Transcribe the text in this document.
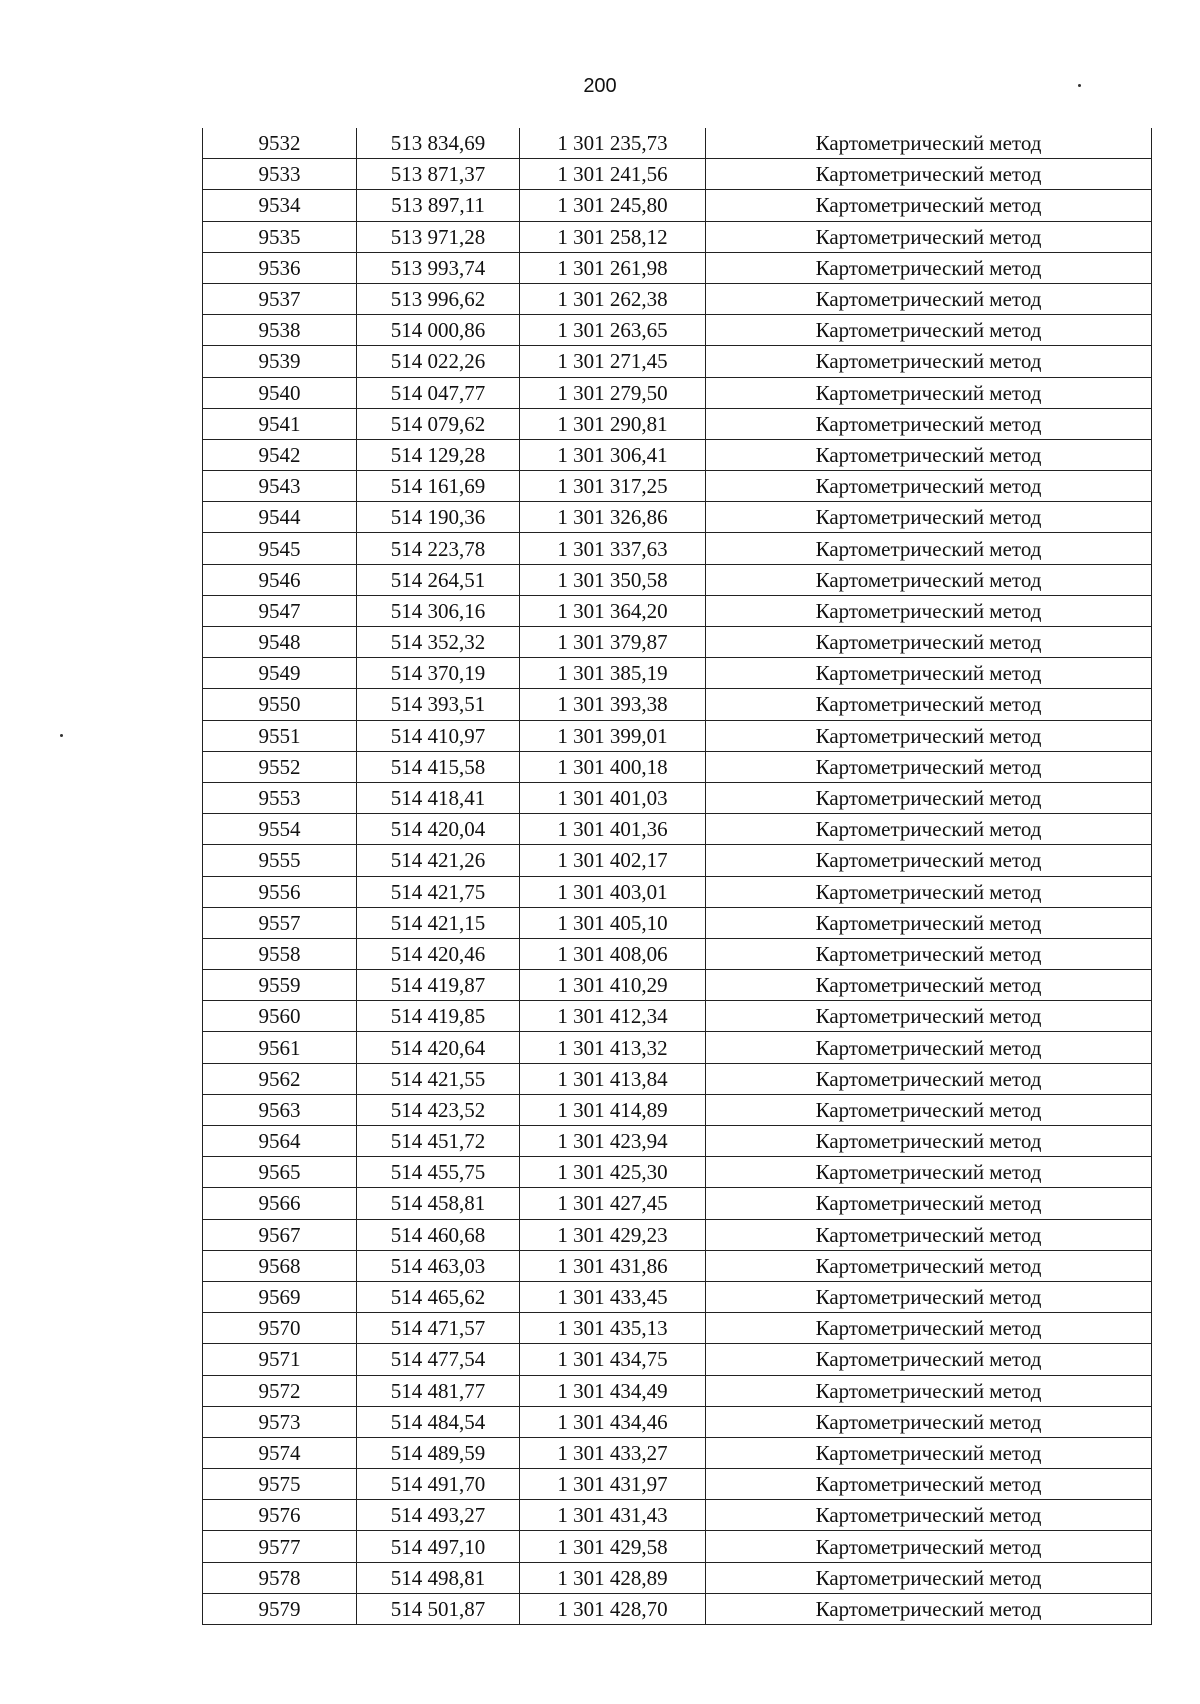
200
9532	513 834,69	1 301 235,73	Картометрический метод
9533	513 871,37	1 301 241,56	Картометрический метод
9534	513 897,11	1 301 245,80	Картометрический метод
9535	513 971,28	1 301 258,12	Картометрический метод
9536	513 993,74	1 301 261,98	Картометрический метод
9537	513 996,62	1 301 262,38	Картометрический метод
9538	514 000,86	1 301 263,65	Картометрический метод
9539	514 022,26	1 301 271,45	Картометрический метод
9540	514 047,77	1 301 279,50	Картометрический метод
9541	514 079,62	1 301 290,81	Картометрический метод
9542	514 129,28	1 301 306,41	Картометрический метод
9543	514 161,69	1 301 317,25	Картометрический метод
9544	514 190,36	1 301 326,86	Картометрический метод
9545	514 223,78	1 301 337,63	Картометрический метод
9546	514 264,51	1 301 350,58	Картометрический метод
9547	514 306,16	1 301 364,20	Картометрический метод
9548	514 352,32	1 301 379,87	Картометрический метод
9549	514 370,19	1 301 385,19	Картометрический метод
9550	514 393,51	1 301 393,38	Картометрический метод
9551	514 410,97	1 301 399,01	Картометрический метод
9552	514 415,58	1 301 400,18	Картометрический метод
9553	514 418,41	1 301 401,03	Картометрический метод
9554	514 420,04	1 301 401,36	Картометрический метод
9555	514 421,26	1 301 402,17	Картометрический метод
9556	514 421,75	1 301 403,01	Картометрический метод
9557	514 421,15	1 301 405,10	Картометрический метод
9558	514 420,46	1 301 408,06	Картометрический метод
9559	514 419,87	1 301 410,29	Картометрический метод
9560	514 419,85	1 301 412,34	Картометрический метод
9561	514 420,64	1 301 413,32	Картометрический метод
9562	514 421,55	1 301 413,84	Картометрический метод
9563	514 423,52	1 301 414,89	Картометрический метод
9564	514 451,72	1 301 423,94	Картометрический метод
9565	514 455,75	1 301 425,30	Картометрический метод
9566	514 458,81	1 301 427,45	Картометрический метод
9567	514 460,68	1 301 429,23	Картометрический метод
9568	514 463,03	1 301 431,86	Картометрический метод
9569	514 465,62	1 301 433,45	Картометрический метод
9570	514 471,57	1 301 435,13	Картометрический метод
9571	514 477,54	1 301 434,75	Картометрический метод
9572	514 481,77	1 301 434,49	Картометрический метод
9573	514 484,54	1 301 434,46	Картометрический метод
9574	514 489,59	1 301 433,27	Картометрический метод
9575	514 491,70	1 301 431,97	Картометрический метод
9576	514 493,27	1 301 431,43	Картометрический метод
9577	514 497,10	1 301 429,58	Картометрический метод
9578	514 498,81	1 301 428,89	Картометрический метод
9579	514 501,87	1 301 428,70	Картометрический метод
